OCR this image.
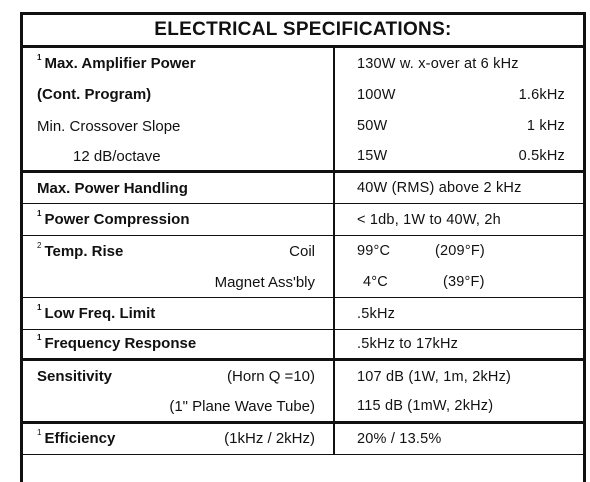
ELECTRICAL SPECIFICATIONS:
1 Max. Amplifier Power	130W w. x-over at 6 kHz
(Cont. Program)	100W	1.6kHz
Min. Crossover Slope	50W	1 kHz
12 dB/octave	15W	0.5kHz
Max. Power Handling	40W (RMS) above 2 kHz
1 Power Compression	< 1db, 1W to 40W, 2h
2 Temp. Rise	Coil	99°C	(209°F)
Magnet Ass'bly	4°C	(39°F)
1 Low Freq. Limit	.5kHz
1 Frequency Response	.5kHz to 17kHz
Sensitivity	(Horn Q =10)	107 dB (1W, 1m, 2kHz)
(1" Plane Wave Tube)	115 dB (1mW, 2kHz)
1 Efficiency	(1kHz / 2kHz)	20% / 13.5%
